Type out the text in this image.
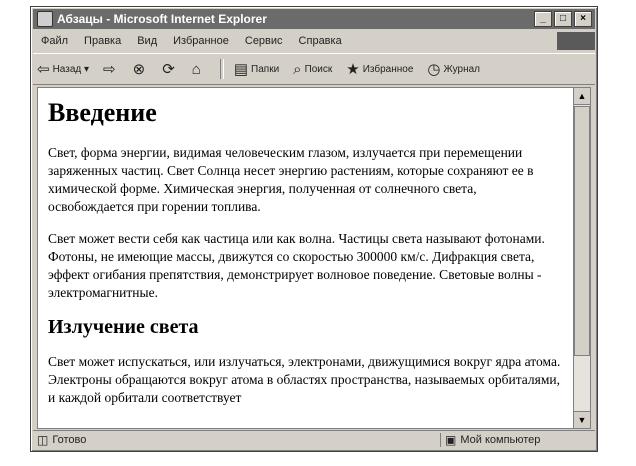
Абзацы - Microsoft Internet Explorer	_	□	×
Файл	Правка	Вид	Избранное	Сервис	Справка
⇦ Назад ▾ ⇨ ⊗ ⟳ ⌂ ▤ Папки ⌕ Поиск ★ Избранное ◷ Журнал
Введение

Свет, форма энергии, видимая человеческим глазом, излучается при перемещении заряженных частиц. Свет Солнца несет энергию растениям, которые сохраняют ее в химической форме. Химическая энергия, полученная от солнечного света, освобождается при горении топлива.

Свет может вести себя как частица или как волна. Частицы света называют фотонами. Фотоны, не имеющие массы, движутся со скоростью 300000 км/с. Дифракция света, эффект огибания препятствия, демонстрирует волновое поведение. Световые волны - электромагнитные.

Излучение света

Свет может испускаться, или излучаться, электронами, движущимися вокруг ядра атома. Электроны обращаются вокруг атома в областях пространства, называемых орбиталями, и каждой орбитали соответствует

▲
▼
◫ Готово	▣ Мой компьютер
